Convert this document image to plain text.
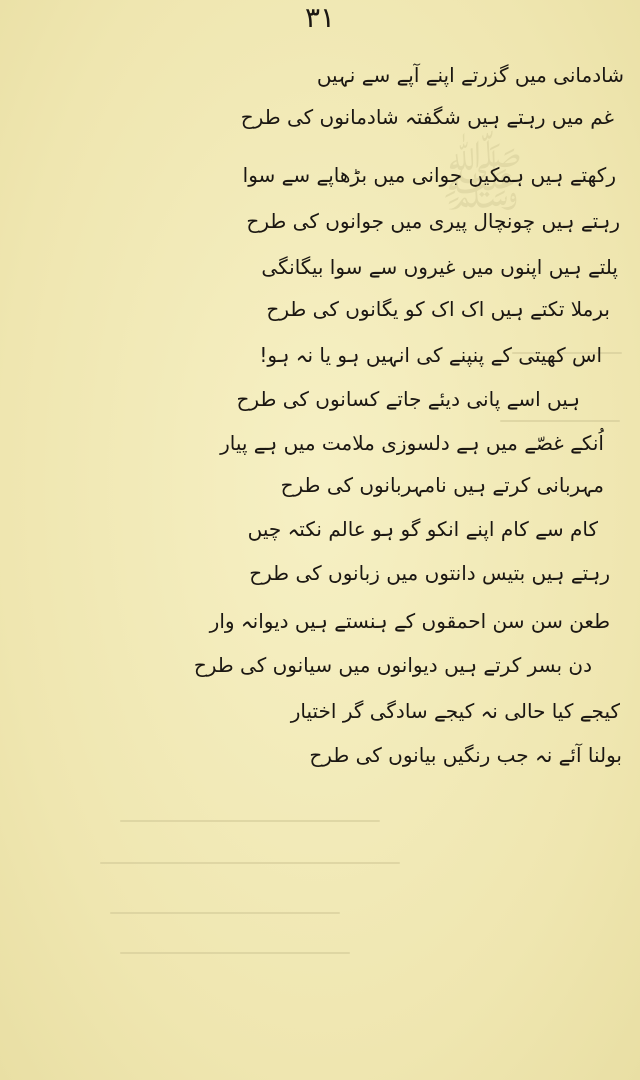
۳۱
ﷺ
شادمانی میں گزرتے اپنے آپے سے نہیں
غم میں رہتے ہیں شگفتہ شادمانوں کی طرح
رکھتے ہیں ہمکیں جوانی میں بڑھاپے سے سوا
رہتے ہیں چونچال پیری میں جوانوں کی طرح
پلتے ہیں اپنوں میں غیروں سے سوا بیگانگی
برملا تکتے ہیں اک اک کو یگانوں کی طرح
اس کھیتی کے پنپنے کی انہیں ہو یا نہ ہو!
ہیں اسے پانی دیئے جاتے کسانوں کی طرح
اُنکے غصّے میں ہے دلسوزی ملامت میں ہے پیار
مہربانی کرتے ہیں نامہربانوں کی طرح
کام سے کام اپنے انکو گو ہو عالم نکتہ چیں
رہتے ہیں بتیس دانتوں میں زبانوں کی طرح
طعن سن سن احمقوں کے ہنستے ہیں دیوانہ وار
دن بسر کرتے ہیں دیوانوں میں سیانوں کی طرح
کیجے کیا حالی نہ کیجے سادگی گر اختیار
بولنا آئے نہ جب رنگیں بیانوں کی طرح
